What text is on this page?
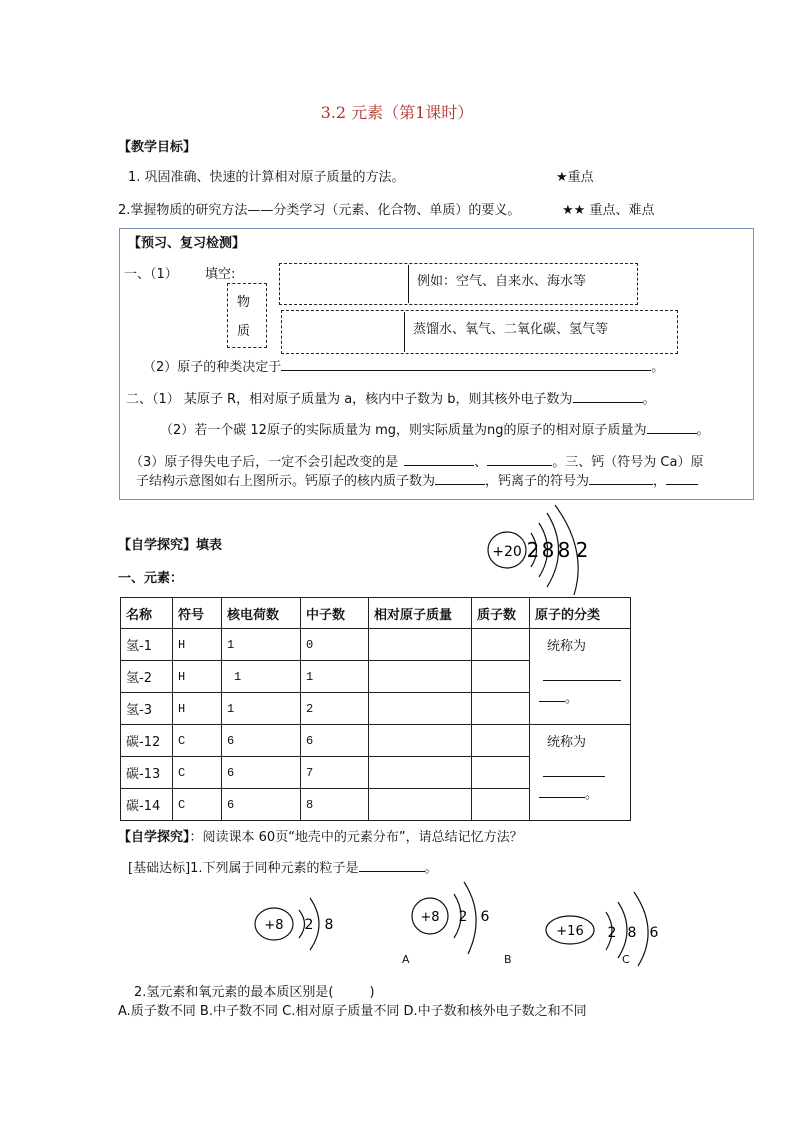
3.2 元素（第1课时）
【教学目标】
1. 巩固准确、快速的计算相对原子质量的方法。	★重点
2.掌握物质的研究方法——分类学习（元素、化合物、单质）的要义。	★★ 重点、难点
【预习、复习检测】
一、（1） 填空:
物
质
例如：空气、自来水、海水等
蒸馏水、氧气、二氧化碳、氢气等
（2）原子的种类决定于	。
二、（1） 某原子 R，相对原子质量为 a，核内中子数为 b，则其核外电子数为	。
（2）若一个碳 12原子的实际质量为 mg，则实际质量为ng的原子的相对原子质量为	。
（3）原子得失电子后，一定不会引起改变的是	、	。三、钙（符号为 Ca）原
子结构示意图如右上图所示。钙原子的核内质子数为	，钙离子的符号为	，
+20 2 8 8 2
【自学探究】填表
一、元素：
名称	符号	核电荷数	中子数	相对原子质量	质子数	原子的分类
氢-1	H	1	0			统称为
。

氢-2	H	1	1			
氢-3	H	1	2			
碳-12	C	6	6			统称为
。

碳-13	C	6	7			
碳-14	C	6	8			
【自学探究】：阅读课本 60页“地壳中的元素分布”，请总结记忆方法？
[基础达标]1.下列属于同种元素的粒子是	。
+8 2 8	+8 2 6
+16 2 8 6
A	B	C
2.氢元素和氧元素的最本质区别是(	)
A.质子数不同 B.中子数不同 C.相对原子质量不同 D.中子数和核外电子数之和不同
